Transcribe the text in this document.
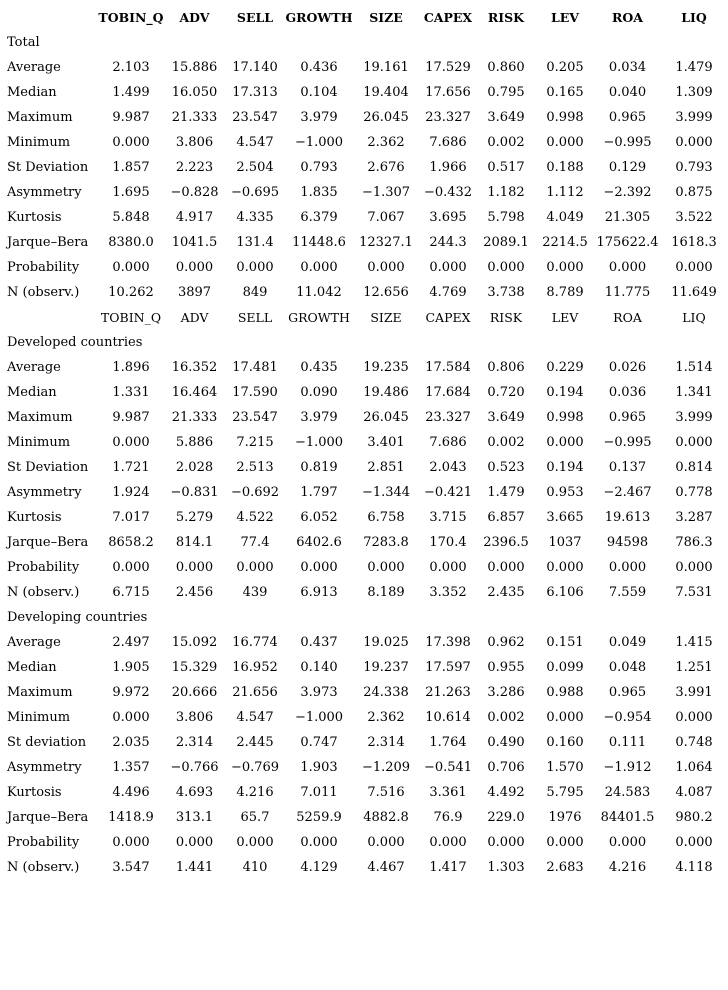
	TOBIN_Q	ADV	SELL	GROWTH	SIZE	CAPEX	RISK	LEV	ROA	LIQ
Total										
Average	2.103	15.886	17.140	0.436	19.161	17.529	0.860	0.205	0.034	1.479
Median	1.499	16.050	17.313	0.104	19.404	17.656	0.795	0.165	0.040	1.309
Maximum	9.987	21.333	23.547	3.979	26.045	23.327	3.649	0.998	0.965	3.999
Minimum	0.000	3.806	4.547	−1.000	2.362	7.686	0.002	0.000	−0.995	0.000
St Deviation	1.857	2.223	2.504	0.793	2.676	1.966	0.517	0.188	0.129	0.793
Asymmetry	1.695	−0.828	−0.695	1.835	−1.307	−0.432	1.182	1.112	−2.392	0.875
Kurtosis	5.848	4.917	4.335	6.379	7.067	3.695	5.798	4.049	21.305	3.522
Jarque–Bera	8380.0	1041.5	131.4	11448.6	12327.1	244.3	2089.1	2214.5	175622.4	1618.3
Probability	0.000	0.000	0.000	0.000	0.000	0.000	0.000	0.000	0.000	0.000
N (observ.)	10.262	3897	849	11.042	12.656	4.769	3.738	8.789	11.775	11.649
	TOBIN_Q	ADV	SELL	GROWTH	SIZE	CAPEX	RISK	LEV	ROA	LIQ
Developed countries										
Average	1.896	16.352	17.481	0.435	19.235	17.584	0.806	0.229	0.026	1.514
Median	1.331	16.464	17.590	0.090	19.486	17.684	0.720	0.194	0.036	1.341
Maximum	9.987	21.333	23.547	3.979	26.045	23.327	3.649	0.998	0.965	3.999
Minimum	0.000	5.886	7.215	−1.000	3.401	7.686	0.002	0.000	−0.995	0.000
St Deviation	1.721	2.028	2.513	0.819	2.851	2.043	0.523	0.194	0.137	0.814
Asymmetry	1.924	−0.831	−0.692	1.797	−1.344	−0.421	1.479	0.953	−2.467	0.778
Kurtosis	7.017	5.279	4.522	6.052	6.758	3.715	6.857	3.665	19.613	3.287
Jarque–Bera	8658.2	814.1	77.4	6402.6	7283.8	170.4	2396.5	1037	94598	786.3
Probability	0.000	0.000	0.000	0.000	0.000	0.000	0.000	0.000	0.000	0.000
N (observ.)	6.715	2.456	439	6.913	8.189	3.352	2.435	6.106	7.559	7.531
Developing countries										
Average	2.497	15.092	16.774	0.437	19.025	17.398	0.962	0.151	0.049	1.415
Median	1.905	15.329	16.952	0.140	19.237	17.597	0.955	0.099	0.048	1.251
Maximum	9.972	20.666	21.656	3.973	24.338	21.263	3.286	0.988	0.965	3.991
Minimum	0.000	3.806	4.547	−1.000	2.362	10.614	0.002	0.000	−0.954	0.000
St deviation	2.035	2.314	2.445	0.747	2.314	1.764	0.490	0.160	0.111	0.748
Asymmetry	1.357	−0.766	−0.769	1.903	−1.209	−0.541	0.706	1.570	−1.912	1.064
Kurtosis	4.496	4.693	4.216	7.011	7.516	3.361	4.492	5.795	24.583	4.087
Jarque–Bera	1418.9	313.1	65.7	5259.9	4882.8	76.9	229.0	1976	84401.5	980.2
Probability	0.000	0.000	0.000	0.000	0.000	0.000	0.000	0.000	0.000	0.000
N (observ.)	3.547	1.441	410	4.129	4.467	1.417	1.303	2.683	4.216	4.118
